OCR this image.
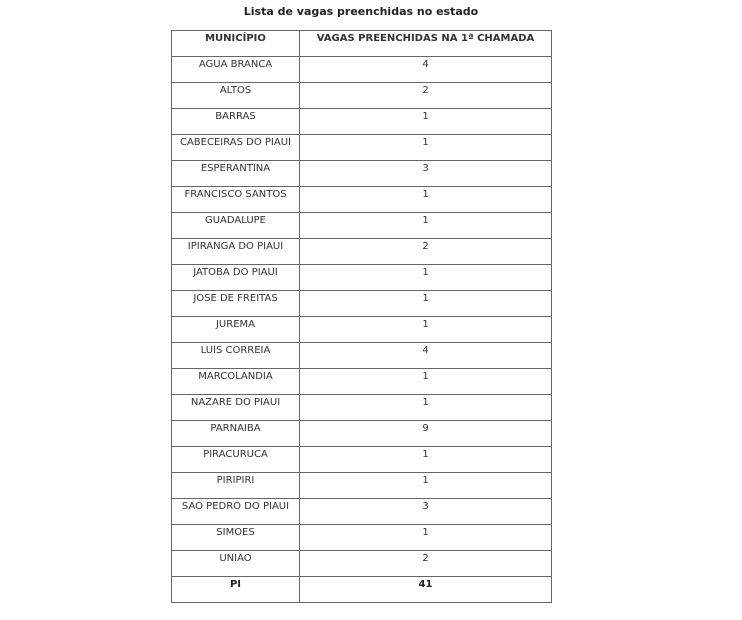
Lista de vagas preenchidas no estado
MUNICÍPIO	VAGAS PREENCHIDAS NA 1ª CHAMADA
AGUA BRANCA	4
ALTOS	2
BARRAS	1
CABECEIRAS DO PIAUI	1
ESPERANTINA	3
FRANCISCO SANTOS	1
GUADALUPE	1
IPIRANGA DO PIAUI	2
JATOBA DO PIAUI	1
JOSE DE FREITAS	1
JUREMA	1
LUIS CORREIA	4
MARCOLANDIA	1
NAZARE DO PIAUI	1
PARNAIBA	9
PIRACURUCA	1
PIRIPIRI	1
SAO PEDRO DO PIAUI	3
SIMOES	1
UNIAO	2
PI	41
